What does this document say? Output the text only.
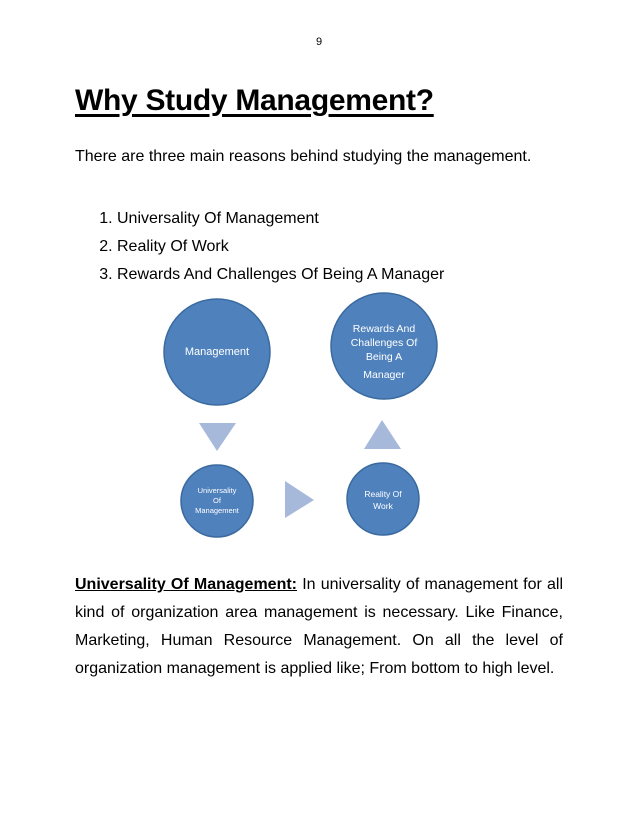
9
Why Study Management?

There are three main reasons behind studying the management.

1. Universality Of Management
2. Reality Of Work
3. Rewards And Challenges Of Being A Manager
Management
Rewards And
Challenges Of
Being A
Manager
Universality
Of
Management
Reality Of
Work

Universality Of Management: In universality of management for all kind of organization area management is necessary. Like Finance, Marketing, Human Resource Management. On all the level of organization management is applied like; From bottom to high level.
